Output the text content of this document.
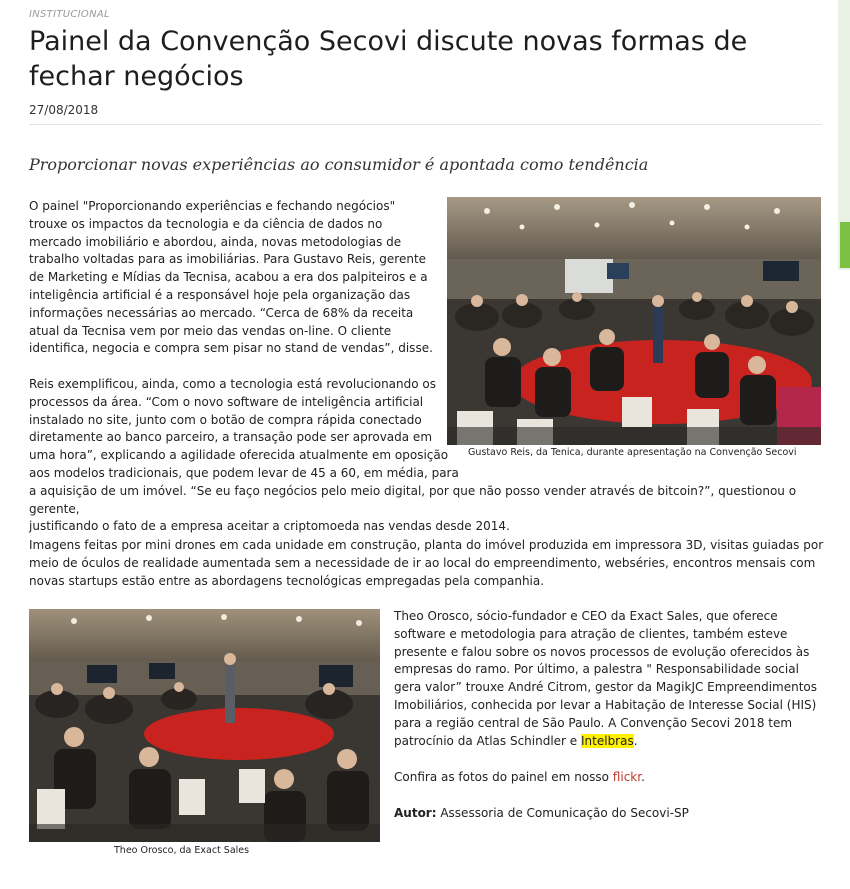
INSTITUCIONAL
Painel da Convenção Secovi discute novas formas de fechar negócios
27/08/2018
Proporcionar novas experiências ao consumidor é apontada como tendência

O painel "Proporcionando experiências e fechando negócios" trouxe os impactos da tecnologia e da ciência de dados no mercado imobiliário e abordou, ainda, novas metodologias de trabalho voltadas para as imobiliárias. Para Gustavo Reis, gerente de Marketing e Mídias da Tecnisa, acabou a era dos palpiteiros e a inteligência artificial é a responsável hoje pela organização das informações necessárias ao mercado. “Cerca de 68% da receita atual da Tecnisa vem por meio das vendas on-line. O cliente identifica, negocia e compra sem pisar no stand de vendas”, disse.

Reis exemplificou, ainda, como a tecnologia está revolucionando os
processos da área. “Com o novo software de inteligência artificial
instalado no site, junto com o botão de compra rápida conectado
diretamente ao banco parceiro, a transação pode ser aprovada em
uma hora”, explicando a agilidade oferecida atualmente em oposição
aos modelos tradicionais, que podem levar de 45 a 60, em média, para
a aquisição de um imóvel. “Se eu faço negócios pelo meio digital, por que não posso vender através de bitcoin?”, questionou o gerente,
justificando o fato de a empresa aceitar a criptomoeda nas vendas desde 2014.

Imagens feitas por mini drones em cada unidade em construção, planta do imóvel produzida em impressora 3D, visitas guiadas por meio de óculos de realidade aumentada sem a necessidade de ir ao local do empreendimento, webséries, encontros mensais com novas startups estão entre as abordagens tecnológicas empregadas pela companhia.

Theo Orosco, sócio-fundador e CEO da Exact Sales, que oferece software e metodologia para atração de clientes, também esteve presente e falou sobre os novos processos de evolução oferecidos às empresas do ramo. Por último, a palestra " Responsabilidade social gera valor” trouxe André Citrom, gestor da MagikJC Empreendimentos Imobiliários, conhecida por levar a Habitação de Interesse Social (HIS) para a região central de São Paulo. A Convenção Secovi 2018 tem patrocínio da Atlas Schindler e Intelbras.

Confira as fotos do painel em nosso flickr.

Autor: Assessoria de Comunicação do Secovi-SP
Gustavo Reis, da Tenica, durante apresentação na Convenção Secovi
Theo Orosco, da Exact Sales
